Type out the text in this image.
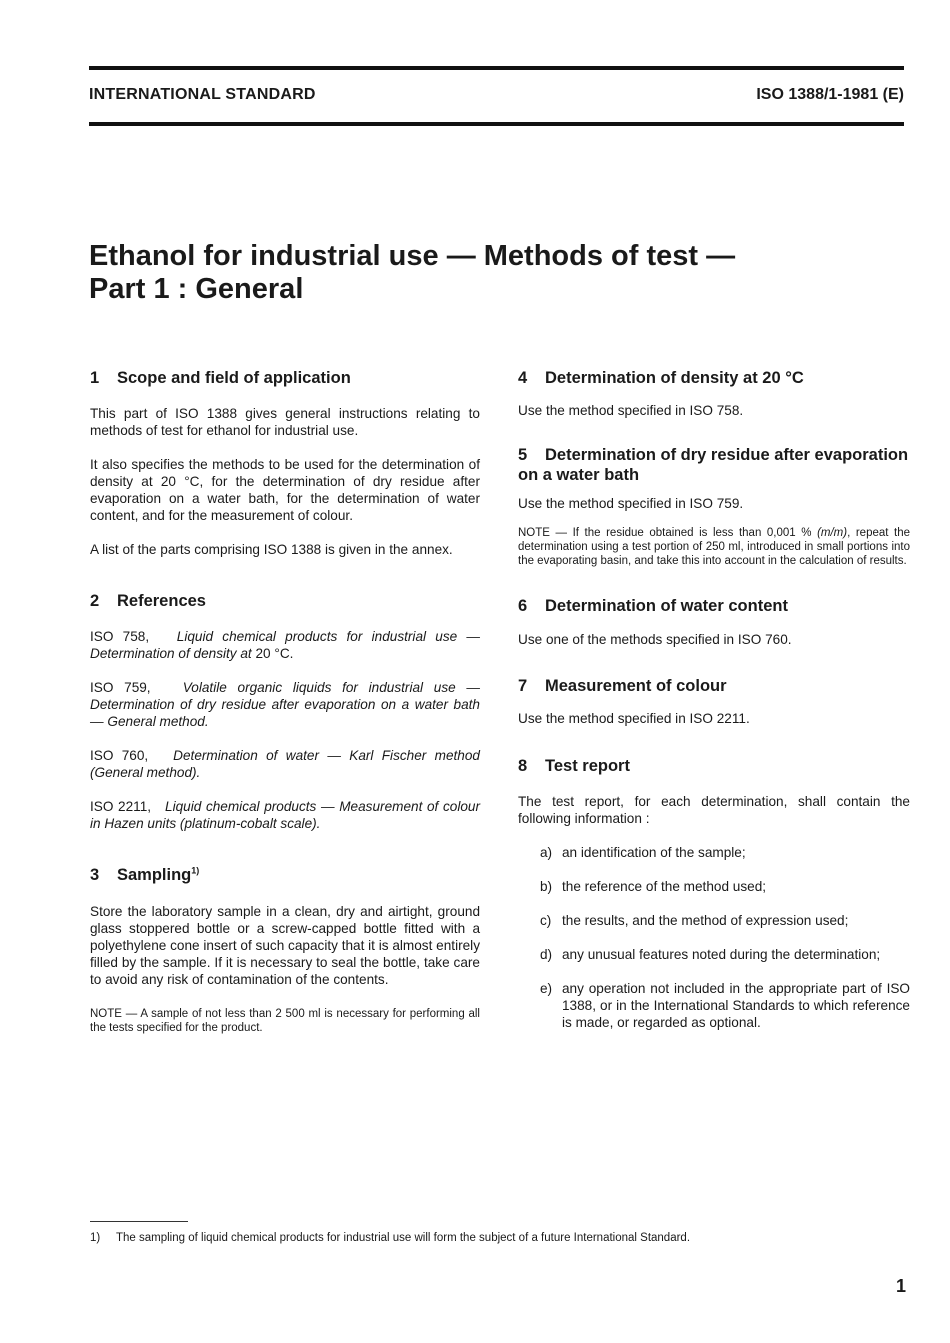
INTERNATIONAL STANDARD	ISO 1388/1-1981 (E)
Ethanol for industrial use — Methods of test —
Part 1 : General
1 Scope and field of application

This part of ISO 1388 gives general instructions relating to methods of test for ethanol for industrial use.

It also specifies the methods to be used for the determination of density at 20 °C, for the determination of dry residue after evaporation on a water bath, for the determination of water content, and for the measurement of colour.

A list of the parts comprising ISO 1388 is given in the annex.

2 References

ISO 758, Liquid chemical products for industrial use — Determination of density at 20 °C.

ISO 759, Volatile organic liquids for industrial use — Determination of dry residue after evaporation on a water bath — General method.

ISO 760, Determination of water — Karl Fischer method (General method).

ISO 2211, Liquid chemical products — Measurement of colour in Hazen units (platinum-cobalt scale).

3 Sampling$^{1)}$

Store the laboratory sample in a clean, dry and airtight, ground glass stoppered bottle or a screw-capped bottle fitted with a polyethylene cone insert of such capacity that it is almost entirely filled by the sample. If it is necessary to seal the bottle, take care to avoid any risk of contamination of the contents.

NOTE — A sample of not less than 2 500 ml is necessary for performing all the tests specified for the product.

4 Determination of density at 20 °C

Use the method specified in ISO 758.

5 Determination of dry residue after evaporation on a water bath

Use the method specified in ISO 759.

NOTE — If the residue obtained is less than 0,001 % (m/m), repeat the determination using a test portion of 250 ml, introduced in small portions into the evaporating basin, and take this into account in the calculation of results.

6 Determination of water content

Use one of the methods specified in ISO 760.

7 Measurement of colour

Use the method specified in ISO 2211.

8 Test report

The test report, for each determination, shall contain the following information :

a) an identification of the sample;
b) the reference of the method used;
c) the results, and the method of expression used;
d) any unusual features noted during the determination;
e) any operation not included in the appropriate part of ISO 1388, or in the International Standards to which reference is made, or regarded as optional.
1) The sampling of liquid chemical products for industrial use will form the subject of a future International Standard.
1
